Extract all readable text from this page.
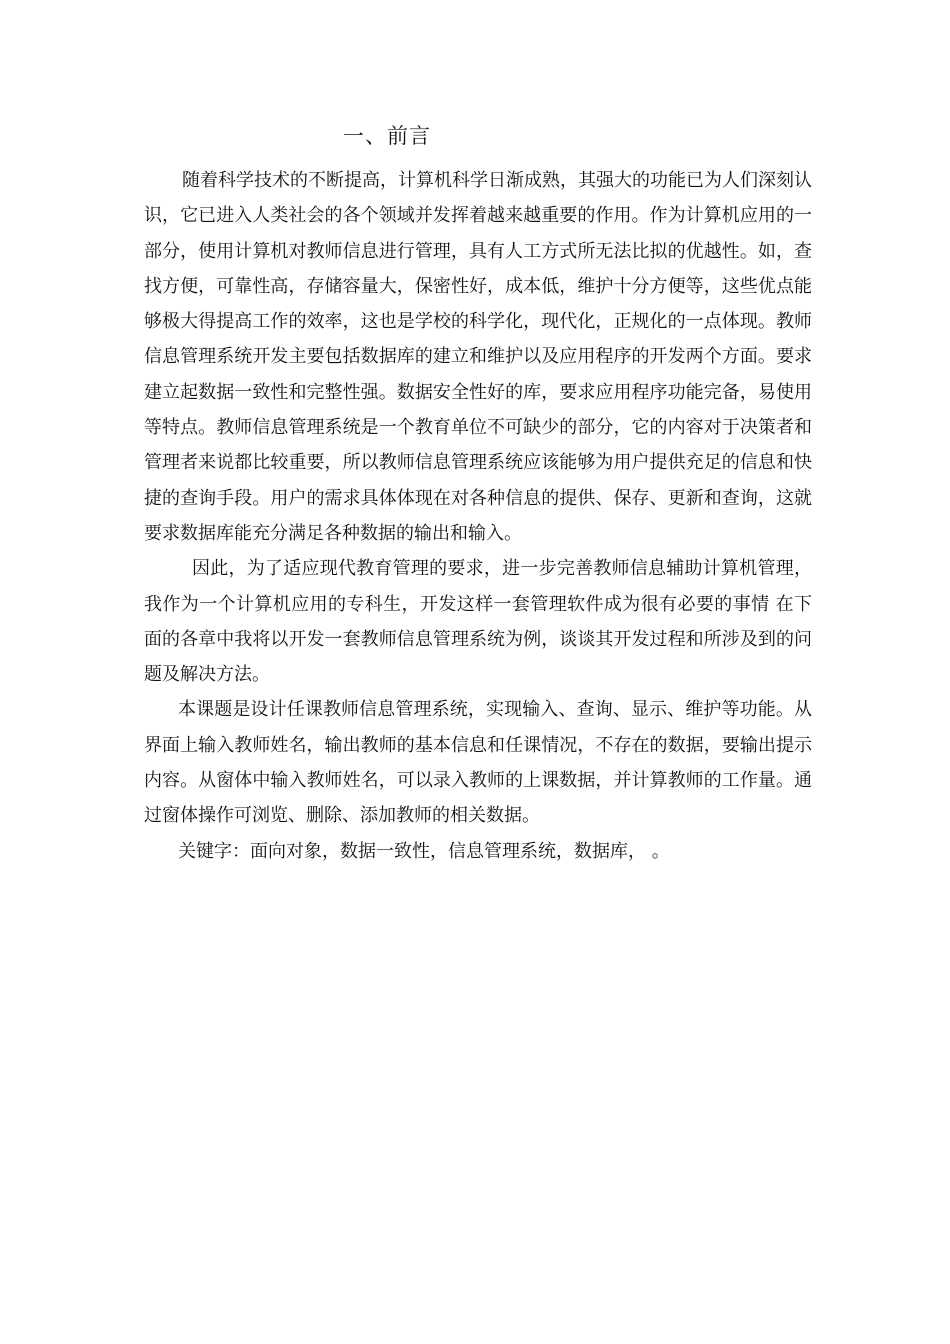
一、前言

随着科学技术的不断提高，计算机科学日渐成熟，其强大的功能已为人们深刻认识，它已进入人类社会的各个领域并发挥着越来越重要的作用。作为计算机应用的一部分，使用计算机对教师信息进行管理，具有人工方式所无法比拟的优越性。如，查找方便，可靠性高，存储容量大，保密性好，成本低，维护十分方便等，这些优点能够极大得提高工作的效率，这也是学校的科学化，现代化，正规化的一点体现。教师信息管理系统开发主要包括数据库的建立和维护以及应用程序的开发两个方面。要求建立起数据一致性和完整性强。数据安全性好的库，要求应用程序功能完备，易使用等特点。教师信息管理系统是一个教育单位不可缺少的部分，它的内容对于决策者和管理者来说都比较重要，所以教师信息管理系统应该能够为用户提供充足的信息和快捷的查询手段。用户的需求具体体现在对各种信息的提供、保存、更新和查询，这就要求数据库能充分满足各种数据的输出和输入。

因此，为了适应现代教育管理的要求，进一步完善教师信息辅助计算机管理，我作为一个计算机应用的专科生，开发这样一套管理软件成为很有必要的事情 在下面的各章中我将以开发一套教师信息管理系统为例，谈谈其开发过程和所涉及到的问题及解决方法。

本课题是设计任课教师信息管理系统，实现输入、查询、显示、维护等功能。从界面上输入教师姓名，输出教师的基本信息和任课情况，不存在的数据，要输出提示内容。从窗体中输入教师姓名，可以录入教师的上课数据，并计算教师的工作量。通过窗体操作可浏览、删除、添加教师的相关数据。

关键字：面向对象，数据一致性，信息管理系统，数据库， 。
